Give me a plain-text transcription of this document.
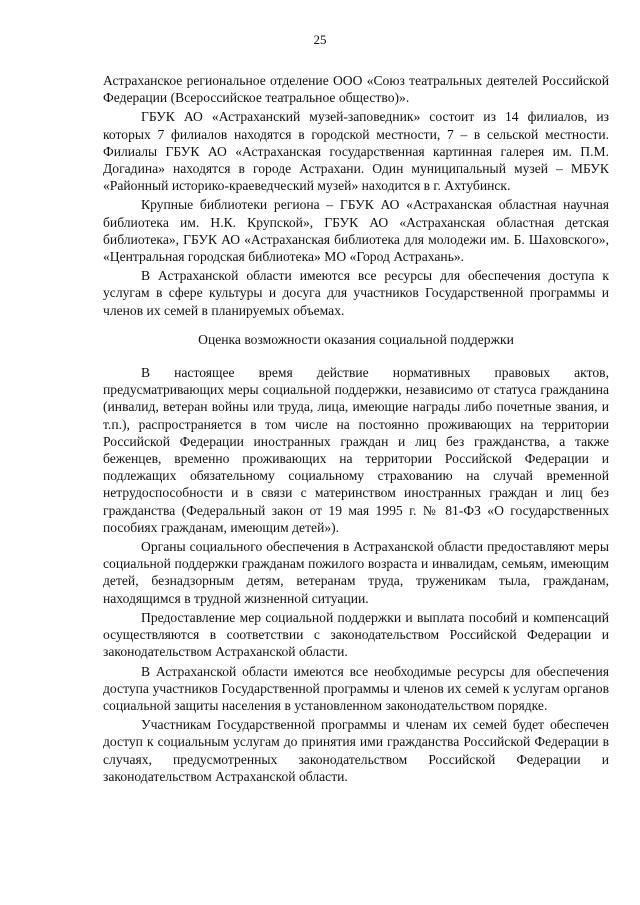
25

Астраханское региональное отделение ООО «Союз театральных деятелей Российской Федерации (Всероссийское театральное общество)».

ГБУК АО «Астраханский музей-заповедник» состоит из 14 филиалов, из которых 7 филиалов находятся в городской местности, 7 – в сельской местности. Филиалы ГБУК АО «Астраханская государственная картинная галерея им. П.М. Догадина» находятся в городе Астрахани. Один муниципальный музей – МБУК «Районный историко-краеведческий музей» находится в г. Ахтубинск.

Крупные библиотеки региона – ГБУК АО «Астраханская областная научная библиотека им. Н.К. Крупской», ГБУК АО «Астраханская областная детская библиотека», ГБУК АО «Астраханская библиотека для молодежи им. Б. Шаховского», «Центральная городская библиотека» МО «Город Астрахань».

В Астраханской области имеются все ресурсы для обеспечения доступа к услугам в сфере культуры и досуга для участников Государственной программы и членов их семей в планируемых объемах.

Оценка возможности оказания социальной поддержки

В настоящее время действие нормативных правовых актов, предусматривающих меры социальной поддержки, независимо от статуса гражданина (инвалид, ветеран войны или труда, лица, имеющие награды либо почетные звания, и т.п.), распространяется в том числе на постоянно проживающих на территории Российской Федерации иностранных граждан и лиц без гражданства, а также беженцев, временно проживающих на территории Российской Федерации и подлежащих обязательному социальному страхованию на случай временной нетрудоспособности и в связи с материнством иностранных граждан и лиц без гражданства (Федеральный закон от 19 мая 1995 г. № 81-ФЗ «О государственных пособиях гражданам, имеющим детей»).

Органы социального обеспечения в Астраханской области предоставляют меры социальной поддержки гражданам пожилого возраста и инвалидам, семьям, имеющим детей, безнадзорным детям, ветеранам труда, труженикам тыла, гражданам, находящимся в трудной жизненной ситуации.

Предоставление мер социальной поддержки и выплата пособий и компенсаций осуществляются в соответствии с законодательством Российской Федерации и законодательством Астраханской области.

В Астраханской области имеются все необходимые ресурсы для обеспечения доступа участников Государственной программы и членов их семей к услугам органов социальной защиты населения в установленном законодательством порядке.

Участникам Государственной программы и членам их семей будет обеспечен доступ к социальным услугам до принятия ими гражданства Российской Федерации в случаях, предусмотренных законодательством Российской Федерации и законодательством Астраханской области.
